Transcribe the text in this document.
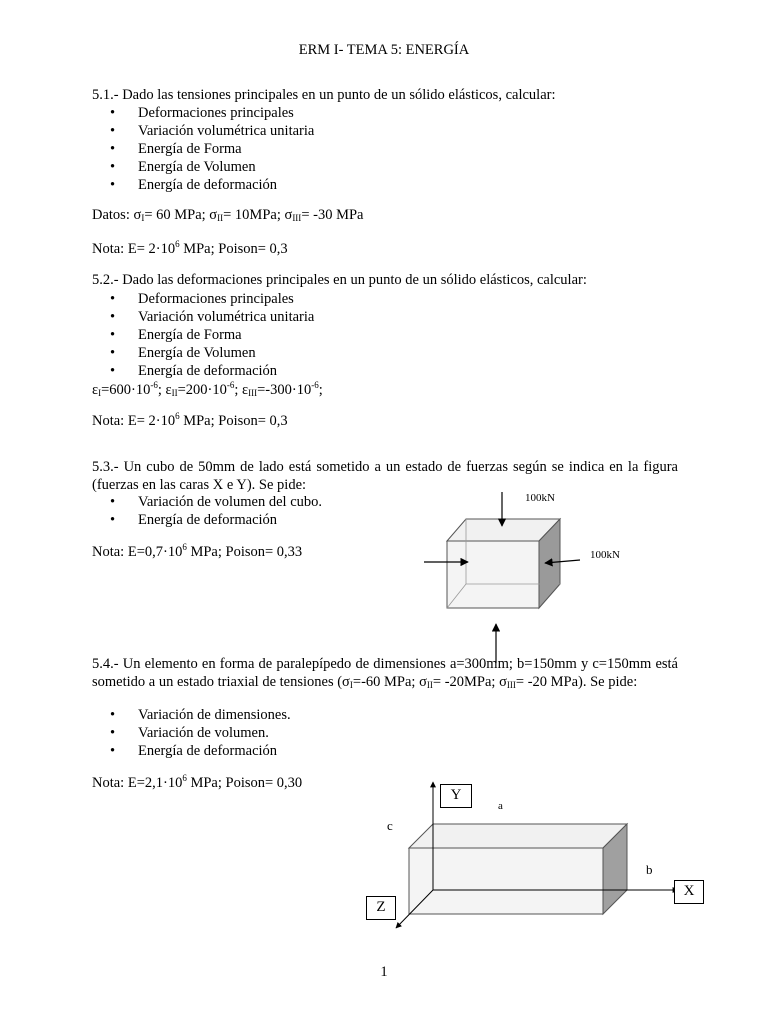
ERM I- TEMA 5: ENERGÍA
5.1.- Dado las tensiones principales en un punto de un sólido elásticos, calcular:
• Deformaciones principales
• Variación volumétrica unitaria
• Energía de Forma
• Energía de Volumen
• Energía de deformación
Datos: $\sigma_I= 60$ MPa; $\sigma_{II}= 10MPa$; $\sigma_{III}= -30$ MPa
Nota: $E= 2\cdot 10^6$ MPa; Poison= 0,3
5.2.- Dado las deformaciones principales en un punto de un sólido elásticos, calcular:
• Deformaciones principales
• Variación volumétrica unitaria
• Energía de Forma
• Energía de Volumen
• Energía de deformación
$\varepsilon_I=600\cdot 10^{-6}$; $\varepsilon_{II}=200\cdot 10^{-6}$; $\varepsilon_{III}=-300\cdot 10^{-6}$;
Nota: $E= 2\cdot 10^6$ MPa; Poison= 0,3
5.3.- Un cubo de 50mm de lado está sometido a un estado de fuerzas según se indica en la figura (fuerzas en las caras X e Y). Se pide:
• Variación de volumen del cubo.
• Energía de deformación
Nota: $E=0,7\cdot 10^6$ MPa; Poison= 0,33
100kN
100kN
5.4.- Un elemento en forma de paralepípedo de dimensiones a=300mm; b=150mm y c=150mm está sometido a un estado triaxial de tensiones ($\sigma_I=-60$ MPa; $\sigma_{II}= -20MPa$; $\sigma_{III}= -20$ MPa). Se pide:
• Variación de dimensiones.
• Variación de volumen.
• Energía de deformación
Nota: $E=2,1\cdot 10^6$ MPa; Poison= 0,30
Y
X
Z
a
b
c
1
